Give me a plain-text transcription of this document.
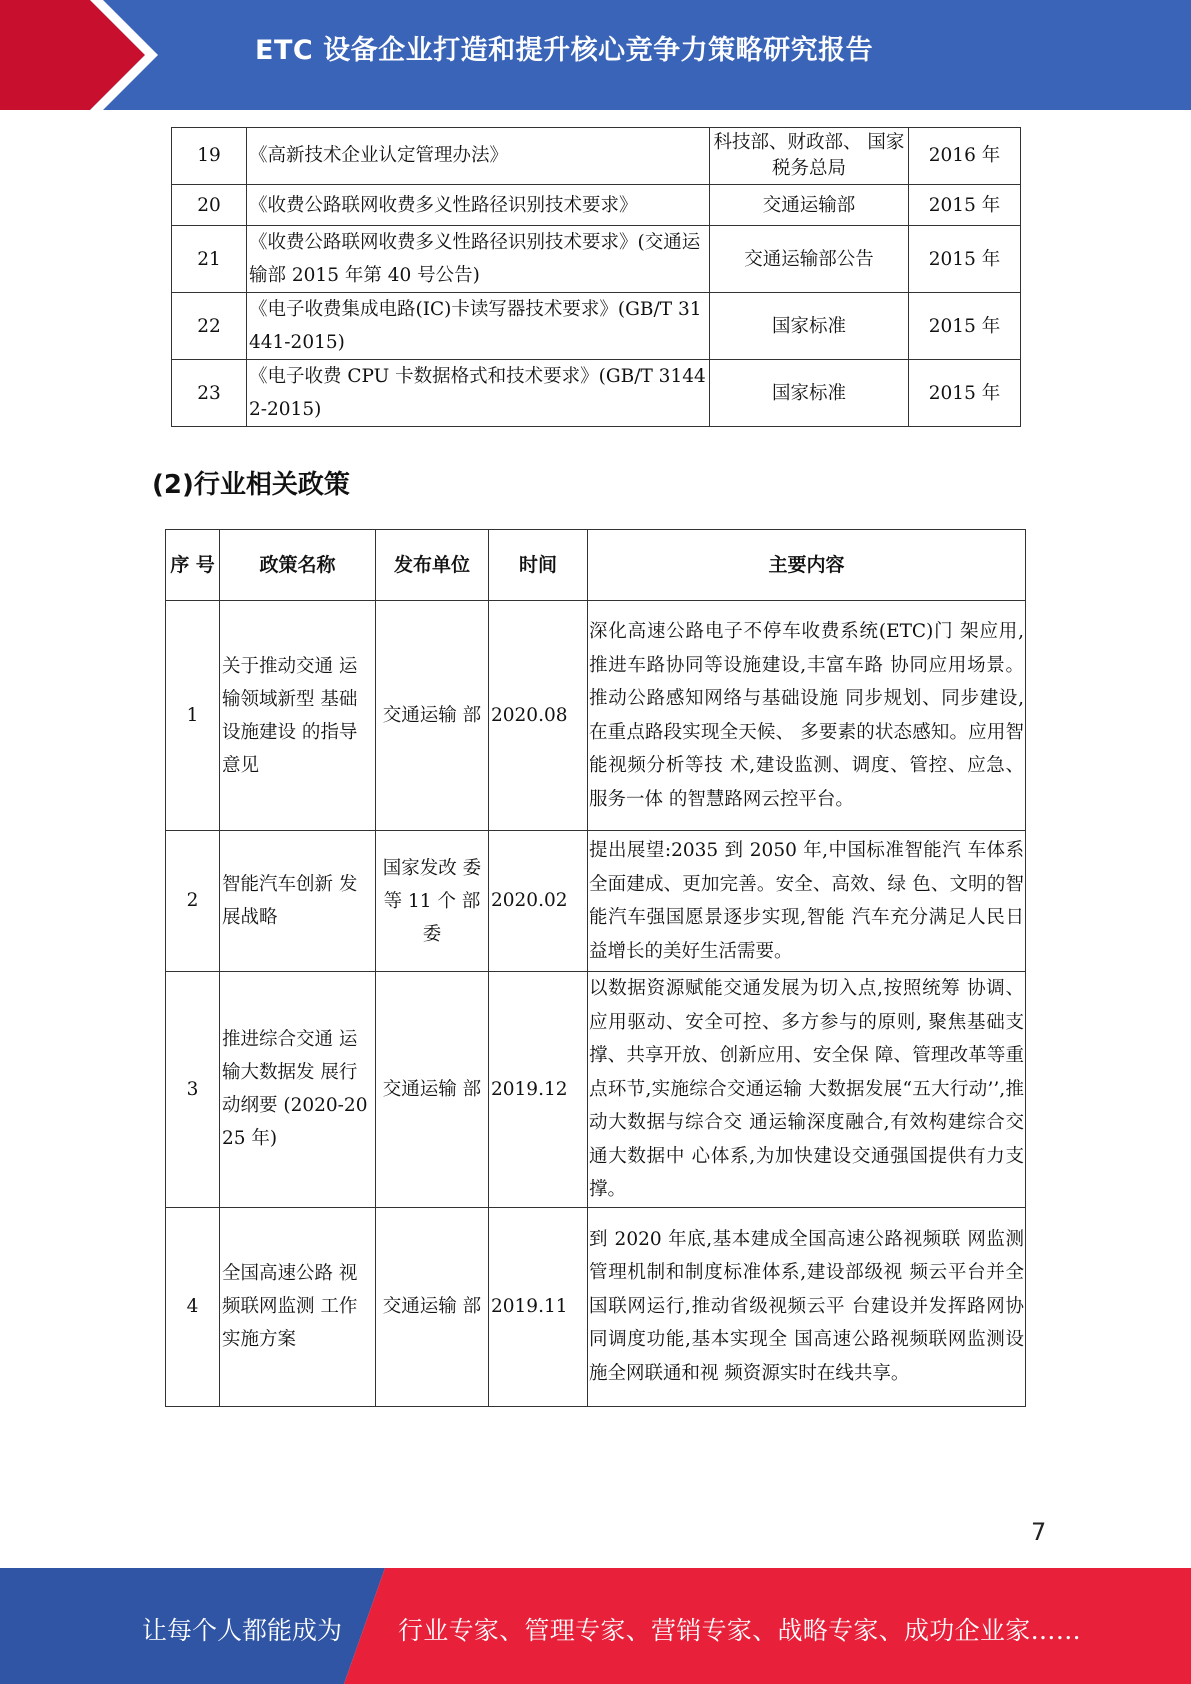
ETC 设备企业打造和提升核心竞争力策略研究报告
19	《高新技术企业认定管理办法》	科技部、财政部、 国家税务总局	2016 年
20	《收费公路联网收费多义性路径识别技术要求》	交通运输部	2015 年
21	《收费公路联网收费多义性路径识别技术要求》(交通运输部 2015 年第 40 号公告)	交通运输部公告	2015 年
22	《电子收费集成电路(IC)卡读写器技术要求》(GB/T 31441-2015)	国家标准	2015 年
23	《电子收费 CPU 卡数据格式和技术要求》(GB/T 31442-2015)	国家标准	2015 年
(2)行业相关政策
序 号	政策名称	发布单位	时间	主要内容
1	关于推动交通 运输领域新型 基础设施建设 的指导意见	交通运输 部	2020.08	深化高速公路电子不停车收费系统(ETC)门 架应用,推进车路协同等设施建设,丰富车路 协同应用场景。推动公路感知网络与基础设施 同步规划、同步建设,在重点路段实现全天候、 多要素的状态感知。应用智能视频分析等技 术,建设监测、调度、管控、应急、服务一体 的智慧路网云控平台。
2	智能汽车创新 发展战略	国家发改 委等 11 个 部委	2020.02	提出展望:2035 到 2050 年,中国标准智能汽 车体系全面建成、更加完善。安全、高效、绿 色、文明的智能汽车强国愿景逐步实现,智能 汽车充分满足人民日益增长的美好生活需要。
3	推进综合交通 运输大数据发 展行动纲要 (2020-2025 年)	交通运输 部	2019.12	以数据资源赋能交通发展为切入点,按照统筹 协调、应用驱动、安全可控、多方参与的原则, 聚焦基础支撑、共享开放、创新应用、安全保 障、管理改革等重点环节,实施综合交通运输 大数据发展“五大行动’’,推动大数据与综合交 通运输深度融合,有效构建综合交通大数据中 心体系,为加快建设交通强国提供有力支撑。
4	全国高速公路 视频联网监测 工作实施方案	交通运输 部	2019.11	到 2020 年底,基本建成全国高速公路视频联 网监测管理机制和制度标准体系,建设部级视 频云平台并全国联网运行,推动省级视频云平 台建设并发挥路网协同调度功能,基本实现全 国高速公路视频联网监测设施全网联通和视 频资源实时在线共享。
7
让每个人都能成为 行业专家、管理专家、营销专家、战略专家、成功企业家……
